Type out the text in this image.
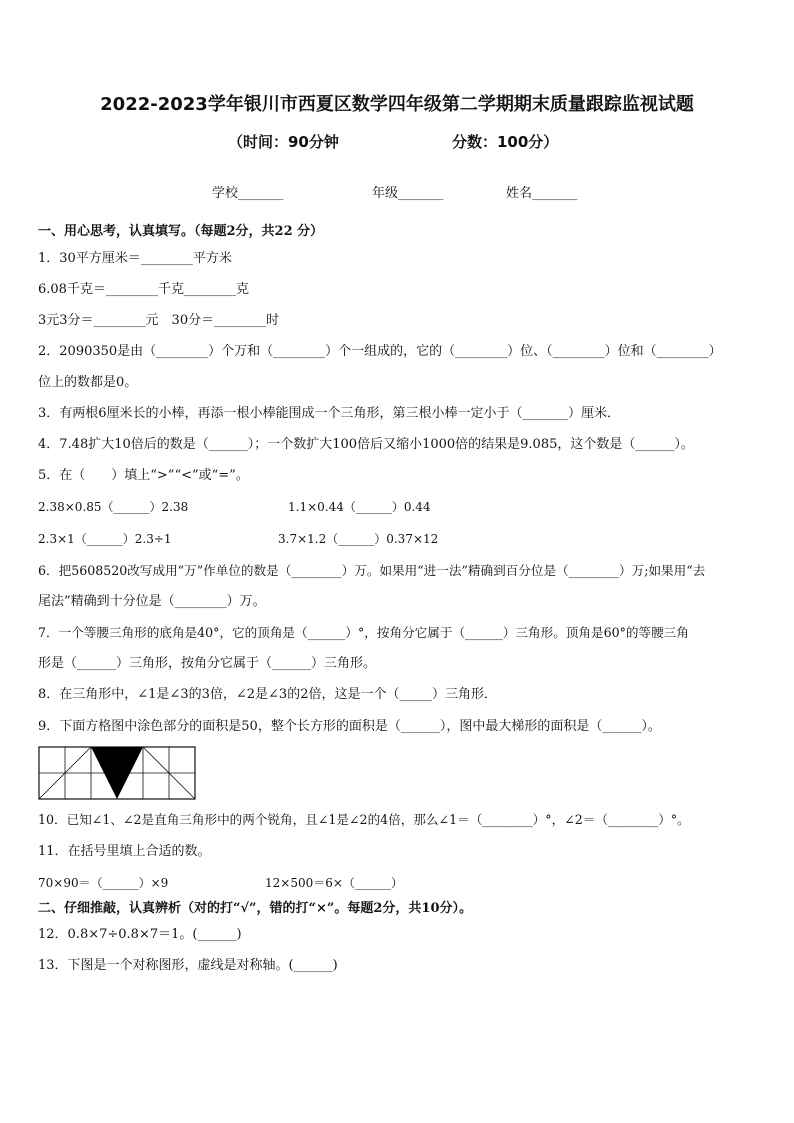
2022-2023学年银川市西夏区数学四年级第二学期期末质量跟踪监视试题
（时间：90分钟	分数：100分）
学校_______	年级_______	姓名_______
一、用心思考，认真填写。（每题2分，共22 分）
1．30平方厘米＝________平方米
6.08千克＝________千克________克
3元3分＝________元　30分＝________时
2．2090350是由（________）个万和（________）个一组成的，它的（________）位、（________）位和（________）
位上的数都是0。
3．有两根6厘米长的小棒，再添一根小棒能围成一个三角形，第三根小棒一定小于（_______）厘米．
4．7.48扩大10倍后的数是（______）；一个数扩大100倍后又缩小1000倍的结果是9.085，这个数是（______）。
5．在（　　）填上“>”“<”或“=”。
2.38×0.85（______）2.38	1.1×0.44（______）0.44
2.3×1（______）2.3÷1	3.7×1.2（______）0.37×12
6．把5608520改写成用“万”作单位的数是（________）万。如果用“进一法”精确到百分位是（________）万;如果用“去
尾法”精确到十分位是（________）万。
7．一个等腰三角形的底角是40°，它的顶角是（______）°，按角分它属于（______）三角形。顶角是60°的等腰三角
形是（______）三角形，按角分它属于（______）三角形。
8．在三角形中，∠1是∠3的3倍，∠2是∠3的2倍，这是一个（_____）三角形．
9．下面方格图中涂色部分的面积是50，整个长方形的面积是（______），图中最大梯形的面积是（______）。
10．已知∠1、∠2是直角三角形中的两个锐角，且∠1是∠2的4倍，那么∠1＝（________）°，∠2＝（________）°。
11．在括号里填上合适的数。
70×90＝（______）×9	12×500＝6×（______）
二、仔细推敲，认真辨析（对的打“√”，错的打“×”。每题2分，共10分）。
12．0.8×7÷0.8×7＝1。(______)
13．下图是一个对称图形，虚线是对称轴。(______)
